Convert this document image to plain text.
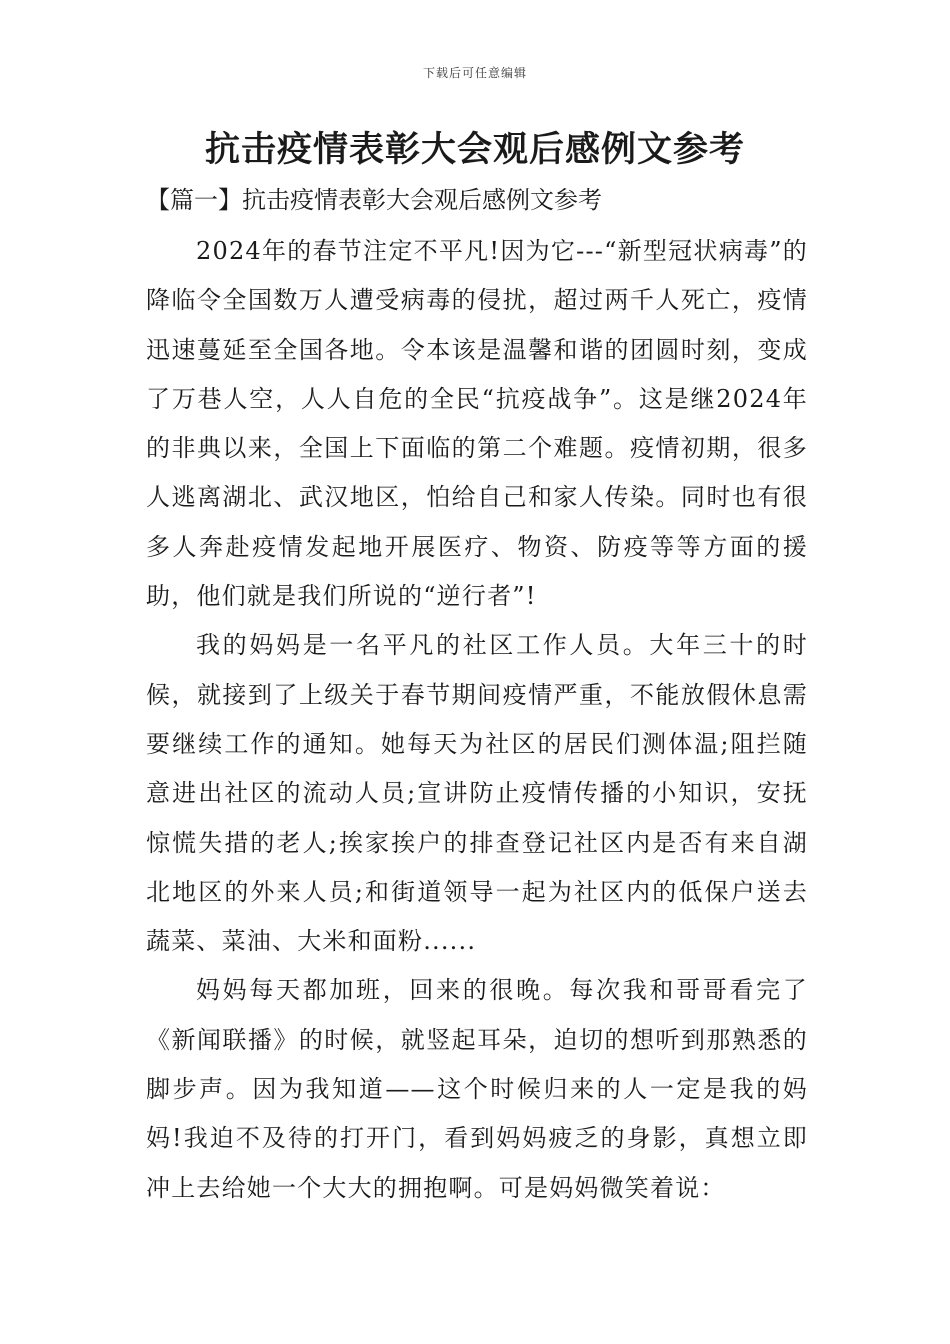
下载后可任意编辑
抗击疫情表彰大会观后感例文参考
【篇一】抗击疫情表彰大会观后感例文参考

2024年的春节注定不平凡!因为它---“新型冠状病毒”的降临令全国数万人遭受病毒的侵扰，超过两千人死亡，疫情迅速蔓延至全国各地。令本该是温馨和谐的团圆时刻，变成了万巷人空，人人自危的全民“抗疫战争”。这是继2024年的非典以来，全国上下面临的第二个难题。疫情初期，很多人逃离湖北、武汉地区，怕给自己和家人传染。同时也有很多人奔赴疫情发起地开展医疗、物资、防疫等等方面的援助，他们就是我们所说的“逆行者”!

我的妈妈是一名平凡的社区工作人员。大年三十的时候，就接到了上级关于春节期间疫情严重，不能放假休息需要继续工作的通知。她每天为社区的居民们测体温;阻拦随意进出社区的流动人员;宣讲防止疫情传播的小知识，安抚惊慌失措的老人;挨家挨户的排查登记社区内是否有来自湖北地区的外来人员;和街道领导一起为社区内的低保户送去蔬菜、菜油、大米和面粉......

妈妈每天都加班，回来的很晚。每次我和哥哥看完了《新闻联播》的时候，就竖起耳朵，迫切的想听到那熟悉的脚步声。因为我知道——这个时候归来的人一定是我的妈妈!我迫不及待的打开门，看到妈妈疲乏的身影，真想立即冲上去给她一个大大的拥抱啊。可是妈妈微笑着说：
